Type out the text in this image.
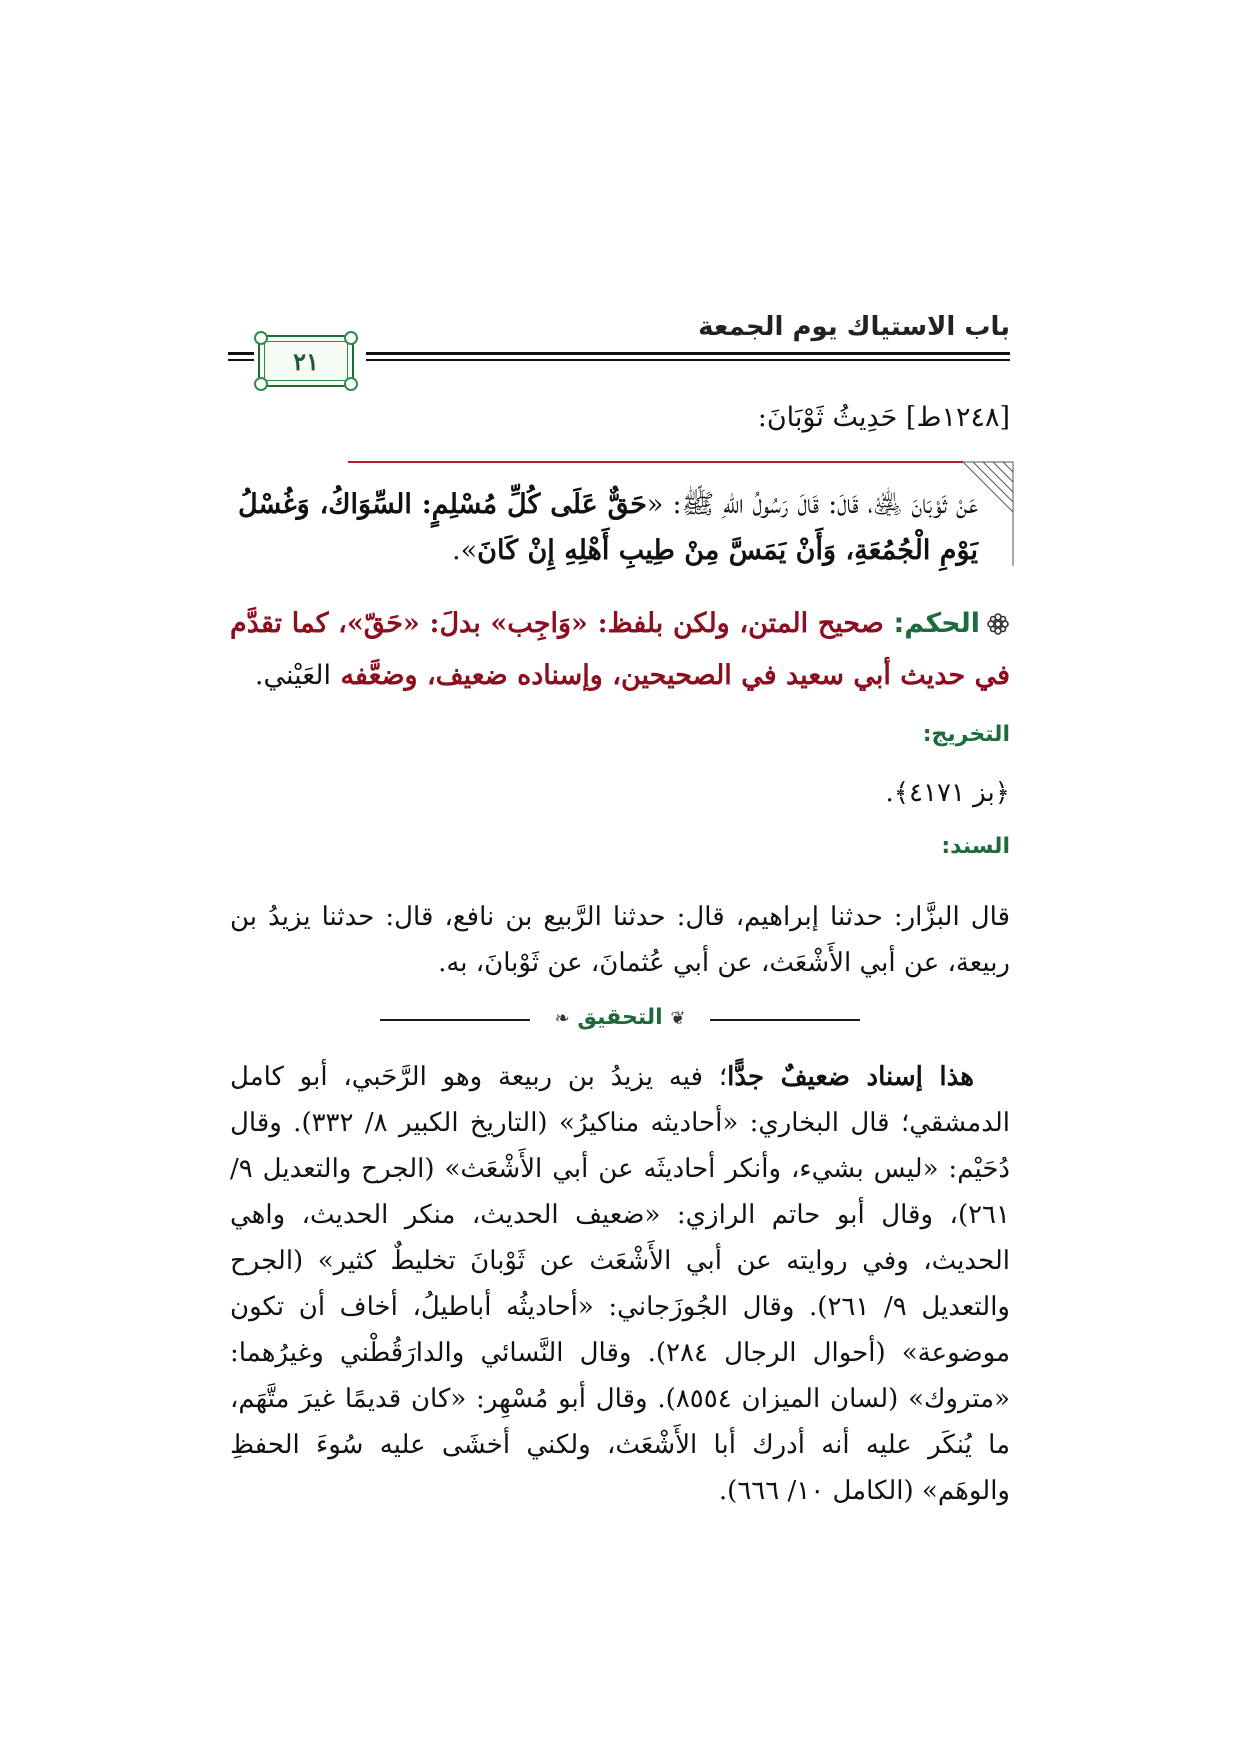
باب الاستياك يوم الجمعة
٢١
[١٢٤٨ط] حَدِيثُ ثَوْبَانَ:
عَنْ ثَوْبَانَ ﵁، قَالَ: قَالَ رَسُولُ اللهِ ﷺ: «حَقٌّ عَلَى كُلِّ مُسْلِمٍ: السِّوَاكُ، وَغُسْلُ يَوْمِ الْجُمُعَةِ، وَأَنْ يَمَسَّ مِنْ طِيبِ أَهْلِهِ إِنْ كَانَ».
الحكم: صحيح المتن، ولكن بلفظ: «وَاجِب» بدلَ: «حَقّ»، كما تقدَّم في حديث أبي سعيد في الصحيحين، وإسناده ضعيف، وضعَّفه العَيْني.
التخريج:
﴿بز ٤١٧١﴾.
السند:
قال البزَّار: حدثنا إبراهيم، قال: حدثنا الرَّبيع بن نافع، قال: حدثنا يزيدُ بن ربيعة، عن أبي الأَشْعَث، عن أبي عُثمانَ، عن ثَوْبانَ، به.
❦ التحقيق ❧
هذا إسناد ضعيفٌ جدًّا؛ فيه يزيدُ بن ربيعة وهو الرَّحَبي، أبو كامل الدمشقي؛ قال البخاري: «أحاديثه مناكيرُ» (التاريخ الكبير ٨/ ٣٣٢). وقال دُحَيْم: «ليس بشيء، وأنكر أحاديثَه عن أبي الأَشْعَث» (الجرح والتعديل ٩/ ٢٦١)، وقال أبو حاتم الرازي: «ضعيف الحديث، منكر الحديث، واهي الحديث، وفي روايته عن أبي الأَشْعَث عن ثَوْبانَ تخليطٌ كثير» (الجرح والتعديل ٩/ ٢٦١). وقال الجُوزَجاني: «أحاديثُه أباطيلُ، أخاف أن تكون موضوعة» (أحوال الرجال ٢٨٤). وقال النَّسائي والدارَقُطْني وغيرُهما: «متروك» (لسان الميزان ٨٥٥٤). وقال أبو مُسْهِر: «كان قديمًا غيرَ متَّهَم، ما يُنكَر عليه أنه أدرك أبا الأَشْعَث، ولكني أخشَى عليه سُوءَ الحفظِ والوهَم» (الكامل ١٠/ ٦٦٦).
